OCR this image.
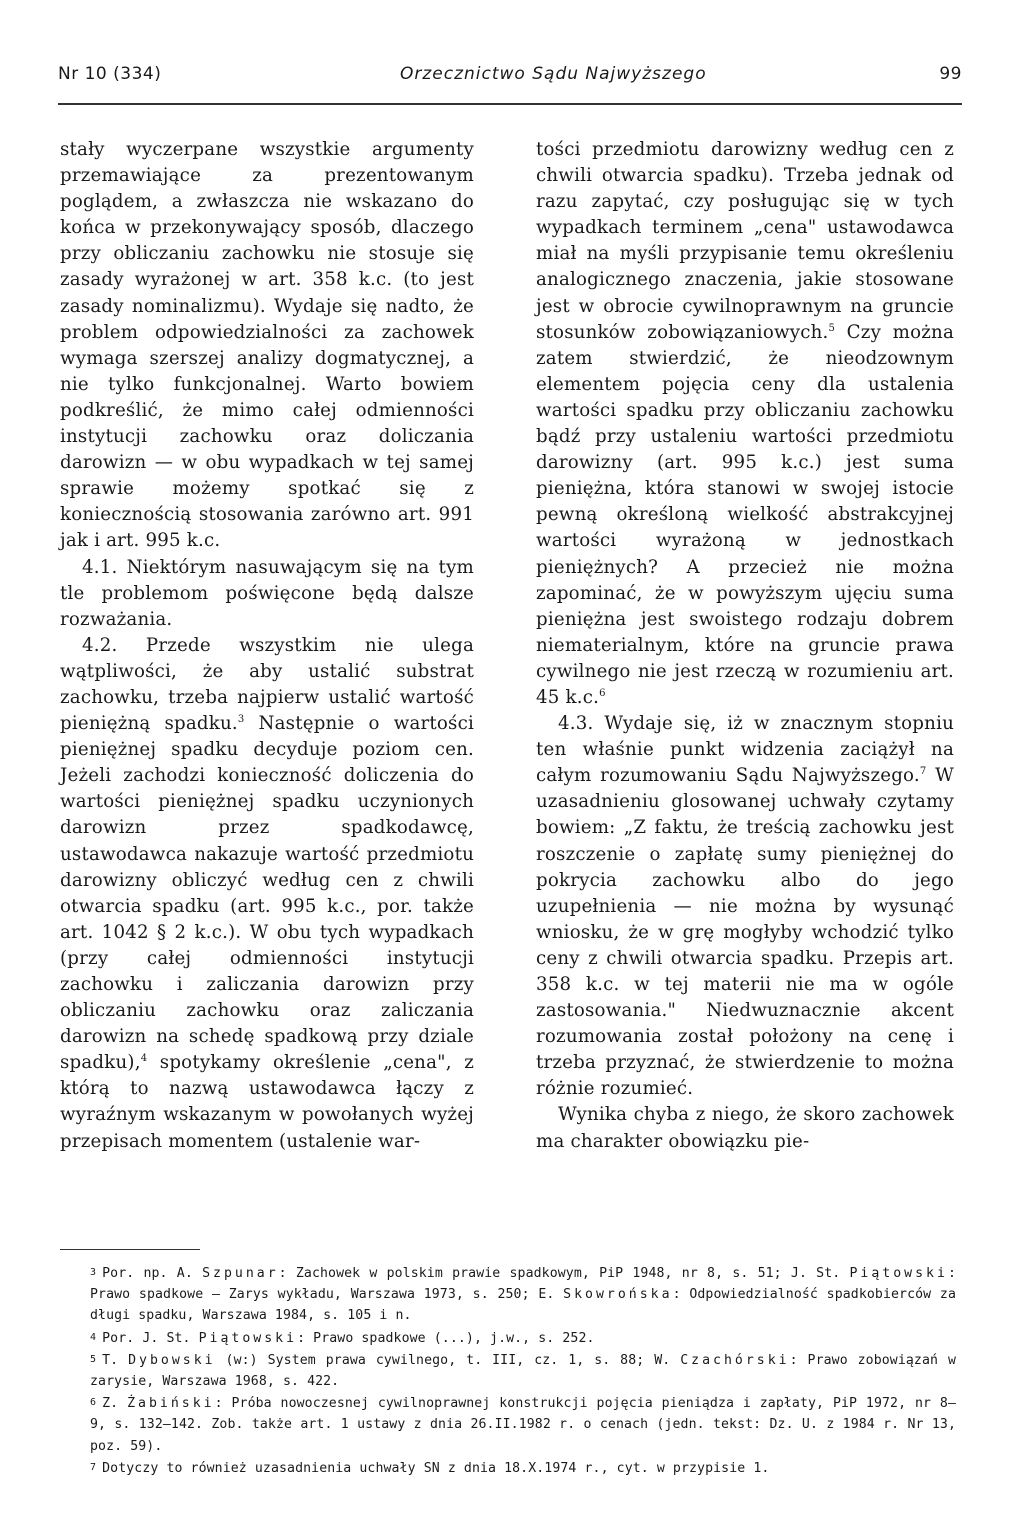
Nr 10 (334)	Orzecznictwo Sądu Najwyższego	99

stały wyczerpane wszystkie argumenty przemawiające za prezentowanym poglądem, a zwłaszcza nie wskazano do końca w przekonywający sposób, dlaczego przy obliczaniu zachowku nie stosuje się zasady wyrażonej w art. 358 k.c. (to jest zasady nominalizmu). Wydaje się nadto, że problem odpowiedzialności za zachowek wymaga szerszej analizy dogmatycznej, a nie tylko funkcjonalnej. Warto bowiem podkreślić, że mimo całej odmienności instytucji zachowku oraz doliczania darowizn — w obu wypadkach w tej samej sprawie możemy spotkać się z koniecznością stosowania zarówno art. 991 jak i art. 995 k.c.

4.1. Niektórym nasuwającym się na tym tle problemom poświęcone będą dalsze rozważania.

4.2. Przede wszystkim nie ulega wątpliwości, że aby ustalić substrat zachowku, trzeba najpierw ustalić wartość pieniężną spadku.$^3$ Następnie o wartości pieniężnej spadku decyduje poziom cen. Jeżeli zachodzi konieczność doliczenia do wartości pieniężnej spadku uczynionych darowizn przez spadkodawcę, ustawodawca nakazuje wartość przedmiotu darowizny obliczyć według cen z chwili otwarcia spadku (art. 995 k.c., por. także art. 1042 § 2 k.c.). W obu tych wypadkach (przy całej odmienności instytucji zachowku i zaliczania darowizn przy obliczaniu zachowku oraz zaliczania darowizn na schedę spadkową przy dziale spadku),$^4$ spotykamy określenie „cena", z którą to nazwą ustawodawca łączy z wyraźnym wskazanym w powołanych wyżej przepisach momentem (ustalenie war-

tości przedmiotu darowizny według cen z chwili otwarcia spadku). Trzeba jednak od razu zapytać, czy posługując się w tych wypadkach terminem „cena" ustawodawca miał na myśli przypisanie temu określeniu analogicznego znaczenia, jakie stosowane jest w obrocie cywilnoprawnym na gruncie stosunków zobowiązaniowych.$^5$ Czy można zatem stwierdzić, że nieodzownym elementem pojęcia ceny dla ustalenia wartości spadku przy obliczaniu zachowku bądź przy ustaleniu wartości przedmiotu darowizny (art. 995 k.c.) jest suma pieniężna, która stanowi w swojej istocie pewną określoną wielkość abstrakcyjnej wartości wyrażoną w jednostkach pieniężnych? A przecież nie można zapominać, że w powyższym ujęciu suma pieniężna jest swoistego rodzaju dobrem niematerialnym, które na gruncie prawa cywilnego nie jest rzeczą w rozumieniu art. 45 k.c.$^6$

4.3. Wydaje się, iż w znacznym stopniu ten właśnie punkt widzenia zaciążył na całym rozumowaniu Sądu Najwyższego.$^7$ W uzasadnieniu glosowanej uchwały czytamy bowiem: „Z faktu, że treścią zachowku jest roszczenie o zapłatę sumy pieniężnej do pokrycia zachowku albo do jego uzupełnienia — nie można by wysunąć wniosku, że w grę mogłyby wchodzić tylko ceny z chwili otwarcia spadku. Przepis art. 358 k.c. w tej materii nie ma w ogóle zastosowania." Niedwuznacznie akcent rozumowania został położony na cenę i trzeba przyznać, że stwierdzenie to można różnie rozumieć.

Wynika chyba z niego, że skoro zachowek ma charakter obowiązku pie-

3 Por. np. A. Szpunar: Zachowek w polskim prawie spadkowym, PiP 1948, nr 8, s. 51; J. St. Piątowski: Prawo spadkowe — Zarys wykładu, Warszawa 1973, s. 250; E. Skowrońska: Odpowiedzialność spadkobierców za długi spadku, Warszawa 1984, s. 105 i n.

4 Por. J. St. Piątowski: Prawo spadkowe (...), j.w., s. 252.

5 T. Dybowski (w:) System prawa cywilnego, t. III, cz. 1, s. 88; W. Czachórski: Prawo zobowiązań w zarysie, Warszawa 1968, s. 422.

6 Z. Żabiński: Próba nowoczesnej cywilnoprawnej konstrukcji pojęcia pieniądza i zapłaty, PiP 1972, nr 8—9, s. 132—142. Zob. także art. 1 ustawy z dnia 26.II.1982 r. o cenach (jedn. tekst: Dz. U. z 1984 r. Nr 13, poz. 59).

7 Dotyczy to również uzasadnienia uchwały SN z dnia 18.X.1974 r., cyt. w przypisie 1.
